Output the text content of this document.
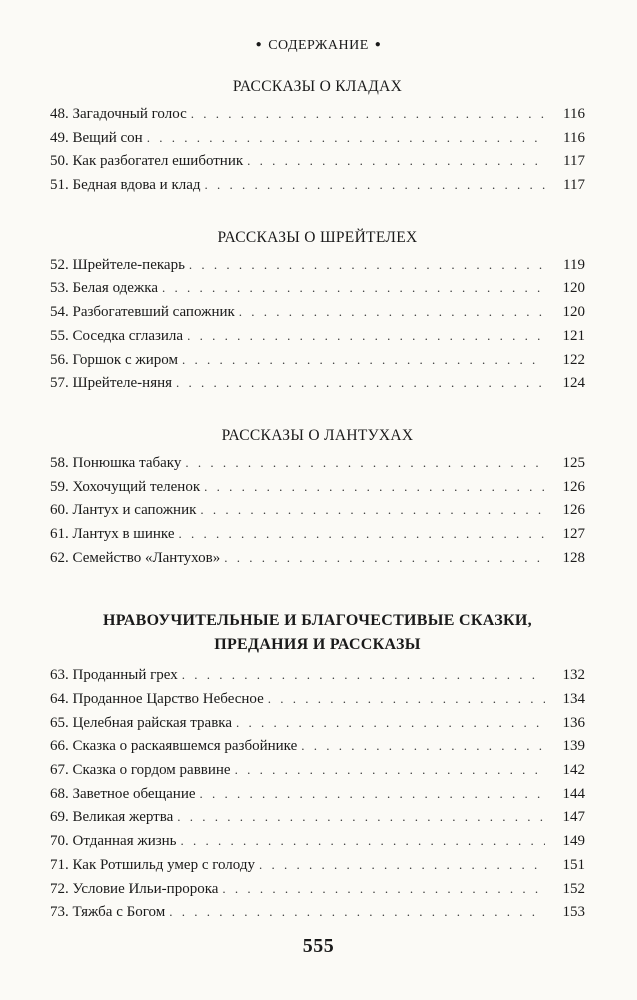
● СОДЕРЖАНИЕ ●
РАССКАЗЫ О КЛАДАХ
48. Загадочный голос . . .	116
49. Вещий сон . . .	116
50. Как разбогател ешиботник . . .	117
51. Бедная вдова и клад . . .	117
РАССКАЗЫ О ШРЕЙТЕЛЕХ
52. Шрейтеле-пекарь . . .	119
53. Белая одежка . . .	120
54. Разбогатевший сапожник . . .	120
55. Соседка сглазила . . .	121
56. Горшок с жиром . . .	122
57. Шрейтеле-няня . . .	124
РАССКАЗЫ О ЛАНТУХАХ
58. Понюшка табаку . . .	125
59. Хохочущий теленок . . .	126
60. Лантух и сапожник . . .	126
61. Лантух в шинке . . .	127
62. Семейство «Лантухов» . . .	128
НРАВОУЧИТЕЛЬНЫЕ И БЛАГОЧЕСТИВЫЕ СКАЗКИ,
ПРЕДАНИЯ И РАССКАЗЫ
63. Проданный грех . . .	132
64. Проданное Царство Небесное . . .	134
65. Целебная райская травка . . .	136
66. Сказка о раскаявшемся разбойнике . . .	139
67. Сказка о гордом раввине . . .	142
68. Заветное обещание . . .	144
69. Великая жертва . . .	147
70. Отданная жизнь . . .	149
71. Как Ротшильд умер с голоду . . .	151
72. Условие Ильи-пророка . . .	152
73. Тяжба с Богом . . .	153
555
